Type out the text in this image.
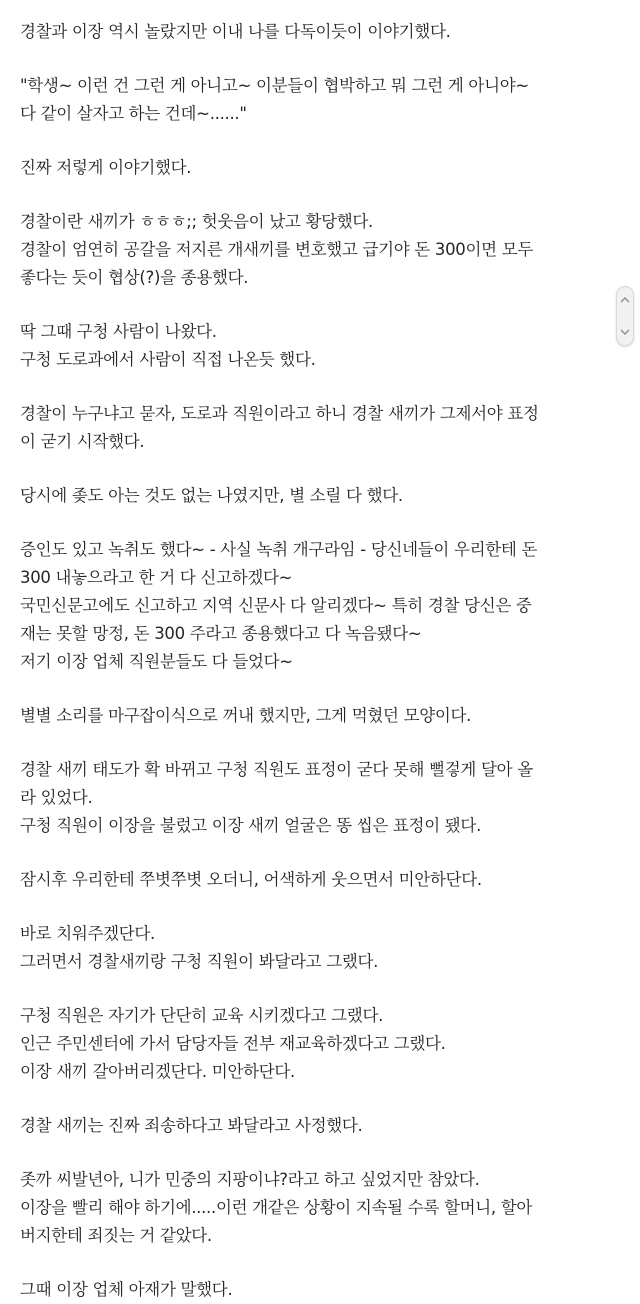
경찰과 이장 역시 놀랐지만 이내 나를 다독이듯이 이야기했다.
"학생~ 이런 건 그런 게 아니고~ 이분들이 협박하고 뭐 그런 게 아니야~
다 같이 살자고 하는 건데~......"
진짜 저렇게 이야기했다.
경찰이란 새끼가 ㅎㅎㅎ;; 헛웃음이 났고 황당했다.
경찰이 엄연히 공갈을 저지른 개새끼를 변호했고 급기야 돈 300이면 모두
좋다는 듯이 협상(?)을 종용했다.
딱 그때 구청 사람이 나왔다.
구청 도로과에서 사람이 직접 나온듯 했다.
경찰이 누구냐고 묻자, 도로과 직원이라고 하니 경찰 새끼가 그제서야 표정
이 굳기 시작했다.
당시에 좆도 아는 것도 없는 나였지만, 별 소릴 다 했다.
증인도 있고 녹취도 했다~ - 사실 녹취 개구라임 - 당신네들이 우리한테 돈
300 내놓으라고 한 거 다 신고하겠다~
국민신문고에도 신고하고 지역 신문사 다 알리겠다~ 특히 경찰 당신은 중
재는 못할 망정, 돈 300 주라고 종용했다고 다 녹음됐다~
저기 이장 업체 직원분들도 다 들었다~
별별 소리를 마구잡이식으로 꺼내 했지만, 그게 먹혔던 모양이다.
경찰 새끼 태도가 확 바뀌고 구청 직원도 표정이 굳다 못해 뻘겋게 달아 올
라 있었다.
구청 직원이 이장을 불렀고 이장 새끼 얼굴은 똥 씹은 표정이 됐다.
잠시후 우리한테 쭈볏쭈볏 오더니, 어색하게 웃으면서 미안하단다.
바로 치워주겠단다.
그러면서 경찰새끼랑 구청 직원이 봐달라고 그랬다.
구청 직원은 자기가 단단히 교육 시키겠다고 그랬다.
인근 주민센터에 가서 담당자들 전부 재교육하겠다고 그랬다.
이장 새끼 갈아버리겠단다. 미안하단다.
경찰 새끼는 진짜 죄송하다고 봐달라고 사정했다.
좃까 씨발년아, 니가 민중의 지팡이냐?라고 하고 싶었지만 참았다.
이장을 빨리 해야 하기에.....이런 개같은 상황이 지속될 수록 할머니, 할아
버지한테 죄짓는 거 같았다.
그때 이장 업체 아재가 말했다.
